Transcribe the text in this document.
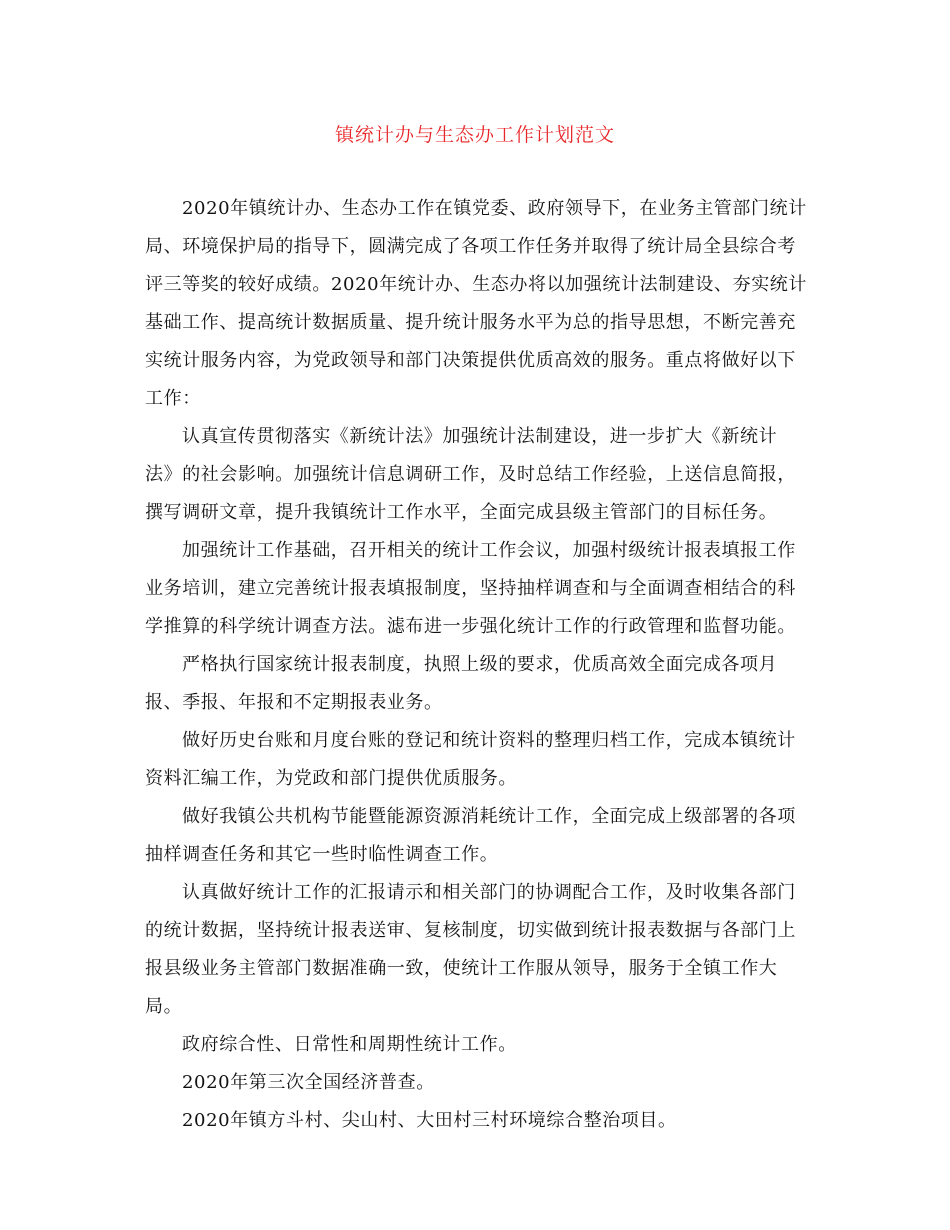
镇统计办与生态办工作计划范文
2020年镇统计办、生态办工作在镇党委、政府领导下，在业务主管部门统计
局、环境保护局的指导下，圆满完成了各项工作任务并取得了统计局全县综合考
评三等奖的较好成绩。2020年统计办、生态办将以加强统计法制建设、夯实统计
基础工作、提高统计数据质量、提升统计服务水平为总的指导思想，不断完善充
实统计服务内容，为党政领导和部门决策提供优质高效的服务。重点将做好以下
工作：
认真宣传贯彻落实《新统计法》加强统计法制建设，进一步扩大《新统计
法》的社会影响。加强统计信息调研工作，及时总结工作经验，上送信息简报，
撰写调研文章，提升我镇统计工作水平，全面完成县级主管部门的目标任务。
加强统计工作基础，召开相关的统计工作会议，加强村级统计报表填报工作
业务培训，建立完善统计报表填报制度，坚持抽样调查和与全面调查相结合的科
学推算的科学统计调查方法。滤布进一步强化统计工作的行政管理和监督功能。
严格执行国家统计报表制度，执照上级的要求，优质高效全面完成各项月
报、季报、年报和不定期报表业务。
做好历史台账和月度台账的登记和统计资料的整理归档工作，完成本镇统计
资料汇编工作，为党政和部门提供优质服务。
做好我镇公共机构节能暨能源资源消耗统计工作，全面完成上级部署的各项
抽样调查任务和其它一些时临性调查工作。
认真做好统计工作的汇报请示和相关部门的协调配合工作，及时收集各部门
的统计数据，坚持统计报表送审、复核制度，切实做到统计报表数据与各部门上
报县级业务主管部门数据准确一致，使统计工作服从领导，服务于全镇工作大
局。
政府综合性、日常性和周期性统计工作。
2020年第三次全国经济普查。
2020年镇方斗村、尖山村、大田村三村环境综合整治项目。
